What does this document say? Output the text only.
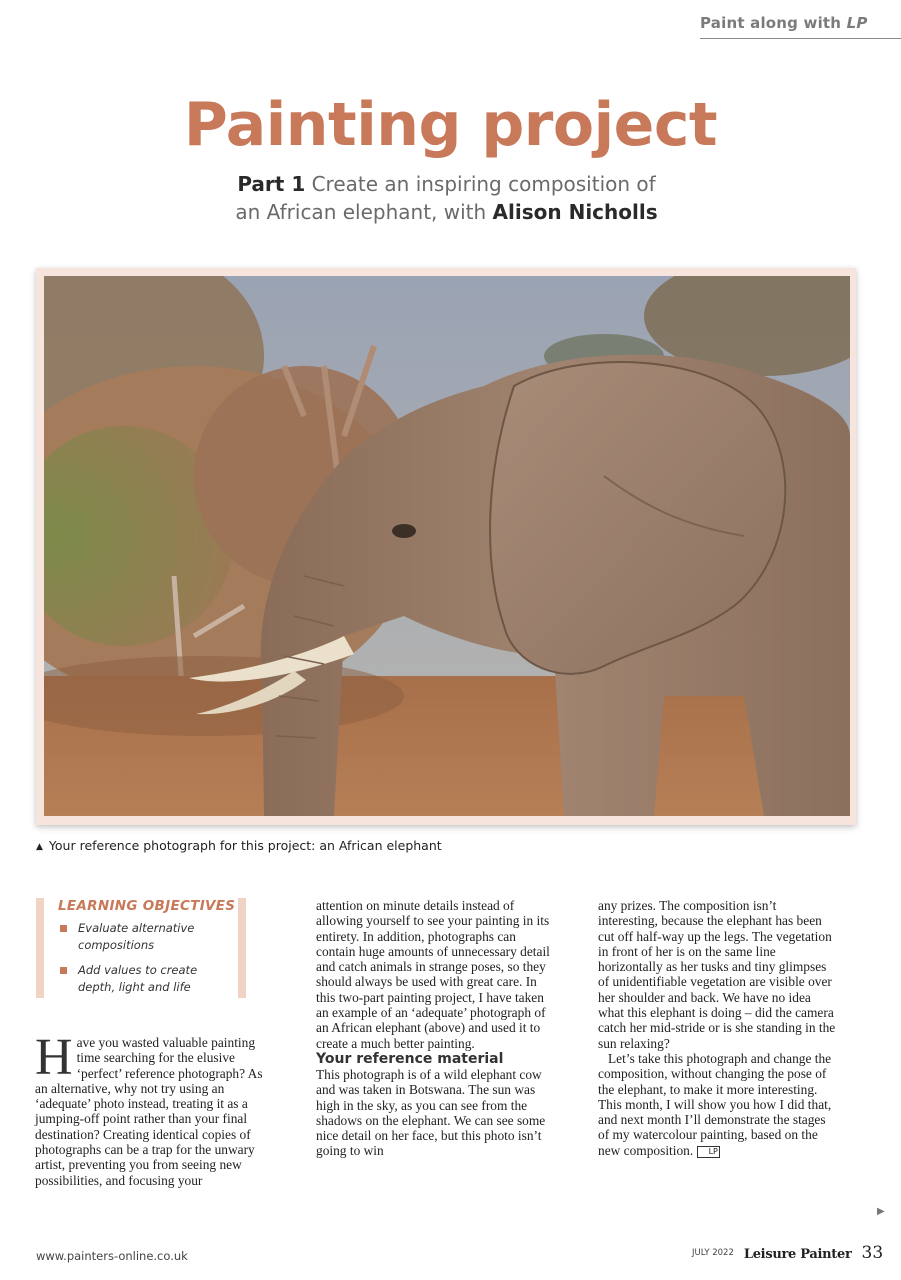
Paint along with LP
Painting project
Part 1 Create an inspiring composition of
an African elephant, with Alison Nicholls
▲ Your reference photograph for this project: an African elephant
LEARNING OBJECTIVES
Evaluate alternative compositions
Add values to create depth, light and life

Have you wasted valuable painting time searching for the elusive ‘perfect’ reference photograph? As an alternative, why not try using an ‘adequate’ photo instead, treating it as a jumping-off point rather than your final destination? Creating identical copies of photographs can be a trap for the unwary artist, preventing you from seeing new possibilities, and focusing your

attention on minute details instead of allowing yourself to see your painting in its entirety. In addition, photographs can contain huge amounts of unnecessary detail and catch animals in strange poses, so they should always be used with great care. In this two-part painting project, I have taken an example of an ‘adequate’ photograph of an African elephant (above) and used it to create a much better painting.

Your reference material

This photograph is of a wild elephant cow and was taken in Botswana. The sun was high in the sky, as you can see from the shadows on the elephant. We can see some nice detail on her face, but this photo isn’t going to win

any prizes. The composition isn’t interesting, because the elephant has been cut off half-way up the legs. The vegetation in front of her is on the same line horizontally as her tusks and tiny glimpses of unidentifiable vegetation are visible over her shoulder and back. We have no idea what this elephant is doing – did the camera catch her mid-stride or is she standing in the sun relaxing?

Let’s take this photograph and change the composition, without changing the pose of the elephant, to make it more interesting. This month, I will show you how I did that, and next month I’ll demonstrate the stages of my watercolour painting, based on the new composition. LP

▶
www.painters-online.co.uk	JULY 2022 Leisure Painter 33
